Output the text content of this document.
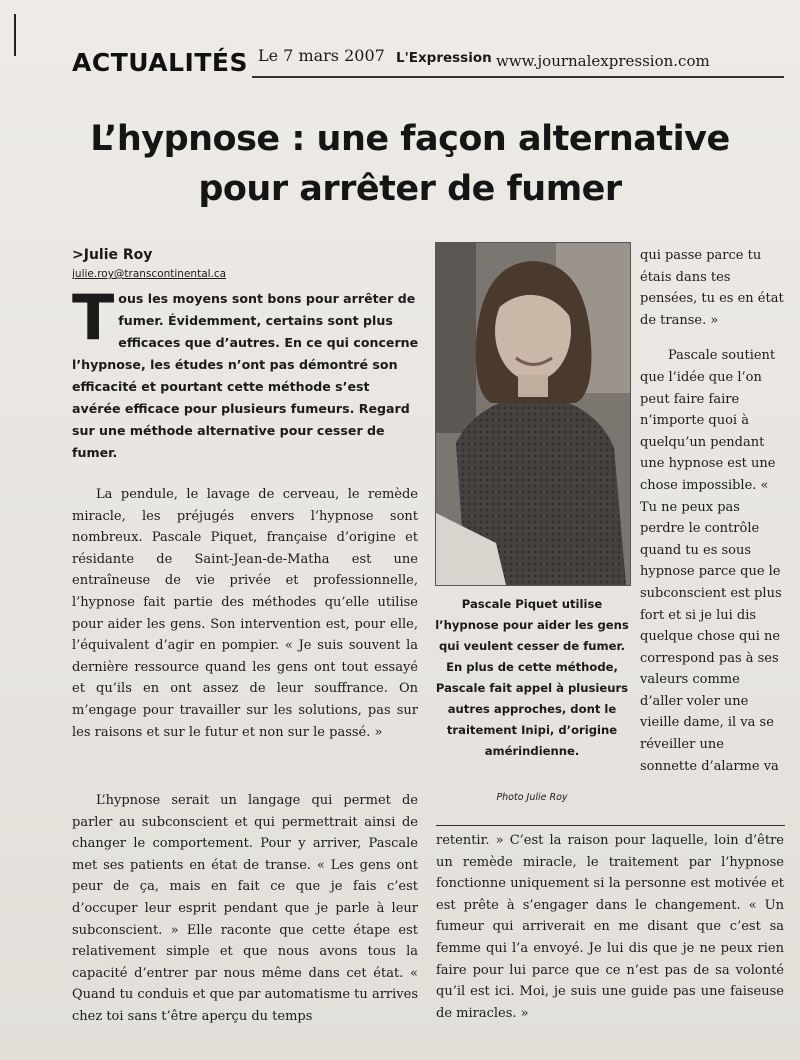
ACTUALITÉS Le 7 mars 2007 L'Expression www.journalexpression.com
L’hypnose : une façon alternative
pour arrêter de fumer
>Julie Roy
julie.roy@transcontinental.ca
Tous les moyens sont bons pour arrêter de fumer. Évidemment, certains sont plus efficaces que d’autres. En ce qui concerne l’hypnose, les études n’ont pas démontré son efficacité et pourtant cette méthode s’est avérée efficace pour plusieurs fumeurs. Regard sur une méthode alternative pour cesser de fumer.

La pendule, le lavage de cerveau, le remède miracle, les préjugés envers l’hypnose sont nombreux. Pascale Piquet, française d’origine et résidante de Saint-Jean-de-Matha est une entraîneuse de vie privée et professionnelle, l’hypnose fait partie des méthodes qu’elle utilise pour aider les gens. Son intervention est, pour elle, l’équivalent d’agir en pompier. « Je suis souvent la dernière ressource quand les gens ont tout essayé et qu’ils en ont assez de leur souffrance. On m’engage pour travailler sur les solutions, pas sur les raisons et sur le futur et non sur le passé. »

L’hypnose serait un langage qui permet de parler au subconscient et qui permettrait ainsi de changer le comportement. Pour y arriver, Pascale met ses patients en état de transe. « Les gens ont peur de ça, mais en fait ce que je fais c’est d’occuper leur esprit pendant que je parle à leur subconscient. » Elle raconte que cette étape est relativement simple et que nous avons tous la capacité d’entrer par nous même dans cet état. « Quand tu conduis et que par automatisme tu arrives chez toi sans t’être aperçu du temps

Pascale Piquet utilise l’hypnose pour aider les gens qui veulent cesser de fumer. En plus de cette méthode, Pascale fait appel à plusieurs autres approches, dont le traitement Inipi, d’origine amérindienne.
Photo Julie Roy

qui passe parce tu étais dans tes pensées, tu es en état de transe. »

Pascale soutient que l’idée que l’on peut faire faire n’importe quoi à quelqu’un pendant une hypnose est une chose impossible. « Tu ne peux pas perdre le contrôle quand tu es sous hypnose parce que le subconscient est plus fort et si je lui dis quelque chose qui ne correspond pas à ses valeurs comme d’aller voler une vieille dame, il va se réveiller une sonnette d’alarme va

retentir. » C’est la raison pour laquelle, loin d’être un remède miracle, le traitement par l’hypnose fonctionne uniquement si la personne est motivée et est prête à s’engager dans le changement. « Un fumeur qui arriverait en me disant que c’est sa femme qui l’a envoyé. Je lui dis que je ne peux rien faire pour lui parce que ce n’est pas de sa volonté qu’il est ici. Moi, je suis une guide pas une faiseuse de miracles. »
